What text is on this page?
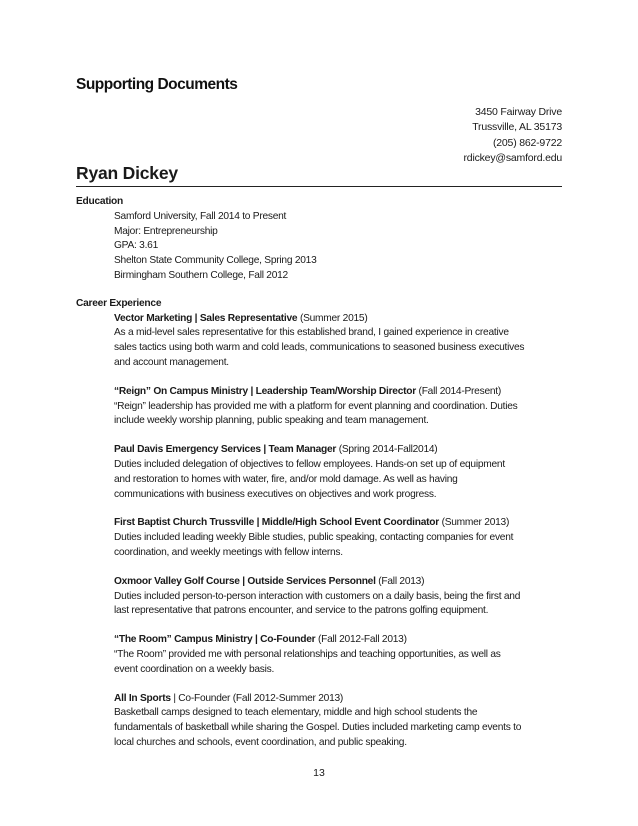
Supporting Documents
3450 Fairway Drive
Trussville, AL 35173
(205) 862-9722
rdickey@samford.edu
Ryan Dickey
Education
Samford University, Fall 2014 to Present
Major: Entrepreneurship
GPA: 3.61
Shelton State Community College, Spring 2013
Birmingham Southern College, Fall 2012
Career Experience
Vector Marketing | Sales Representative (Summer 2015)
As a mid-level sales representative for this established brand, I gained experience in creative
sales tactics using both warm and cold leads, communications to seasoned business executives
and account management.
“Reign” On Campus Ministry | Leadership Team/Worship Director (Fall 2014-Present)
“Reign” leadership has provided me with a platform for event planning and coordination. Duties
include weekly worship planning, public speaking and team management.
Paul Davis Emergency Services | Team Manager (Spring 2014-Fall2014)
Duties included delegation of objectives to fellow employees. Hands-on set up of equipment
and restoration to homes with water, fire, and/or mold damage. As well as having
communications with business executives on objectives and work progress.
First Baptist Church Trussville | Middle/High School Event Coordinator (Summer 2013)
Duties included leading weekly Bible studies, public speaking, contacting companies for event
coordination, and weekly meetings with fellow interns.
Oxmoor Valley Golf Course | Outside Services Personnel (Fall 2013)
Duties included person-to-person interaction with customers on a daily basis, being the first and
last representative that patrons encounter, and service to the patrons golfing equipment.
“The Room” Campus Ministry | Co-Founder (Fall 2012-Fall 2013)
“The Room” provided me with personal relationships and teaching opportunities, as well as
event coordination on a weekly basis.
All In Sports | Co-Founder (Fall 2012-Summer 2013)
Basketball camps designed to teach elementary, middle and high school students the
fundamentals of basketball while sharing the Gospel. Duties included marketing camp events to
local churches and schools, event coordination, and public speaking.
13
